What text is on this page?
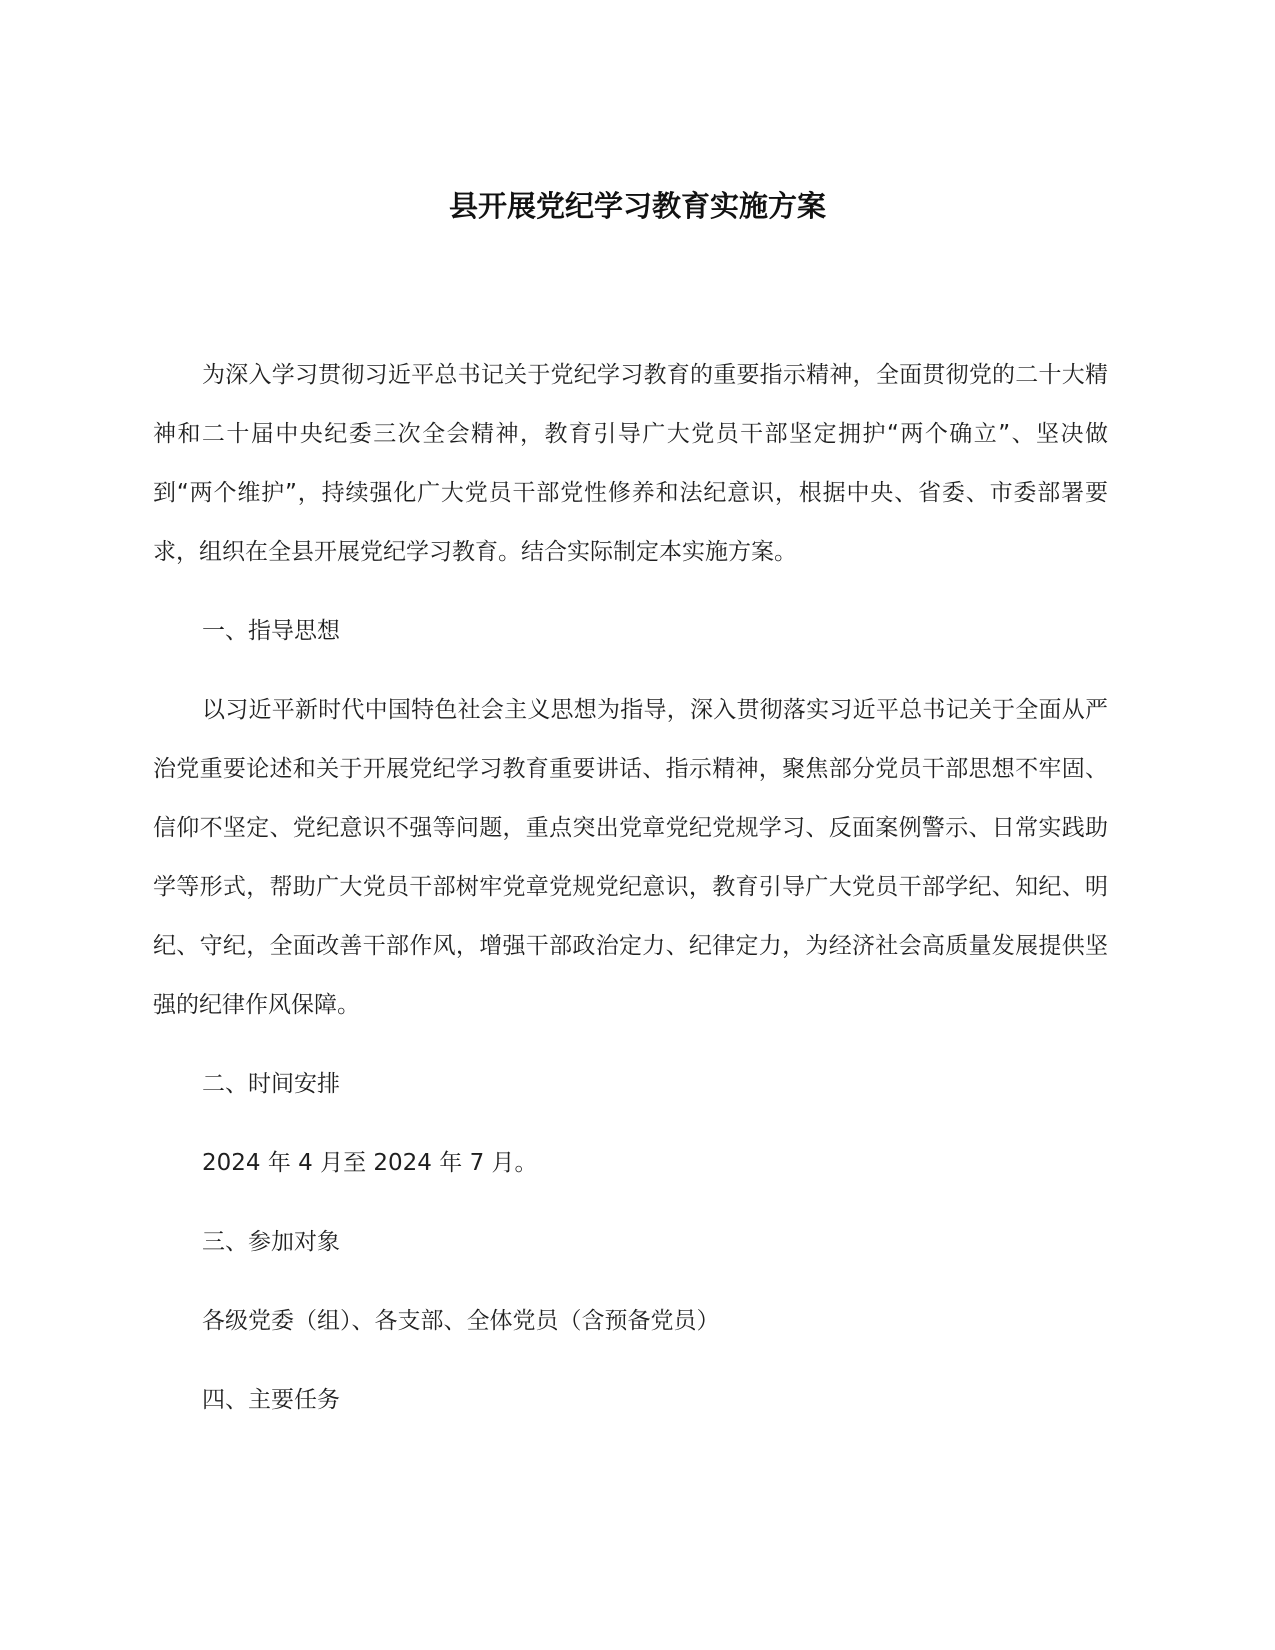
县开展党纪学习教育实施方案

为深入学习贯彻习近平总书记关于党纪学习教育的重要指示精神，全面贯彻党的二十大精神和二十届中央纪委三次全会精神，教育引导广大党员干部坚定拥护“两个确立”、坚决做到“两个维护”，持续强化广大党员干部党性修养和法纪意识，根据中央、省委、市委部署要求，组织在全县开展党纪学习教育。结合实际制定本实施方案。

一、指导思想

以习近平新时代中国特色社会主义思想为指导，深入贯彻落实习近平总书记关于全面从严治党重要论述和关于开展党纪学习教育重要讲话、指示精神，聚焦部分党员干部思想不牢固、信仰不坚定、党纪意识不强等问题，重点突出党章党纪党规学习、反面案例警示、日常实践助学等形式，帮助广大党员干部树牢党章党规党纪意识，教育引导广大党员干部学纪、知纪、明纪、守纪，全面改善干部作风，增强干部政治定力、纪律定力，为经济社会高质量发展提供坚强的纪律作风保障。

二、时间安排

2024 年 4 月至 2024 年 7 月。

三、参加对象

各级党委（组）、各支部、全体党员（含预备党员）

四、主要任务
